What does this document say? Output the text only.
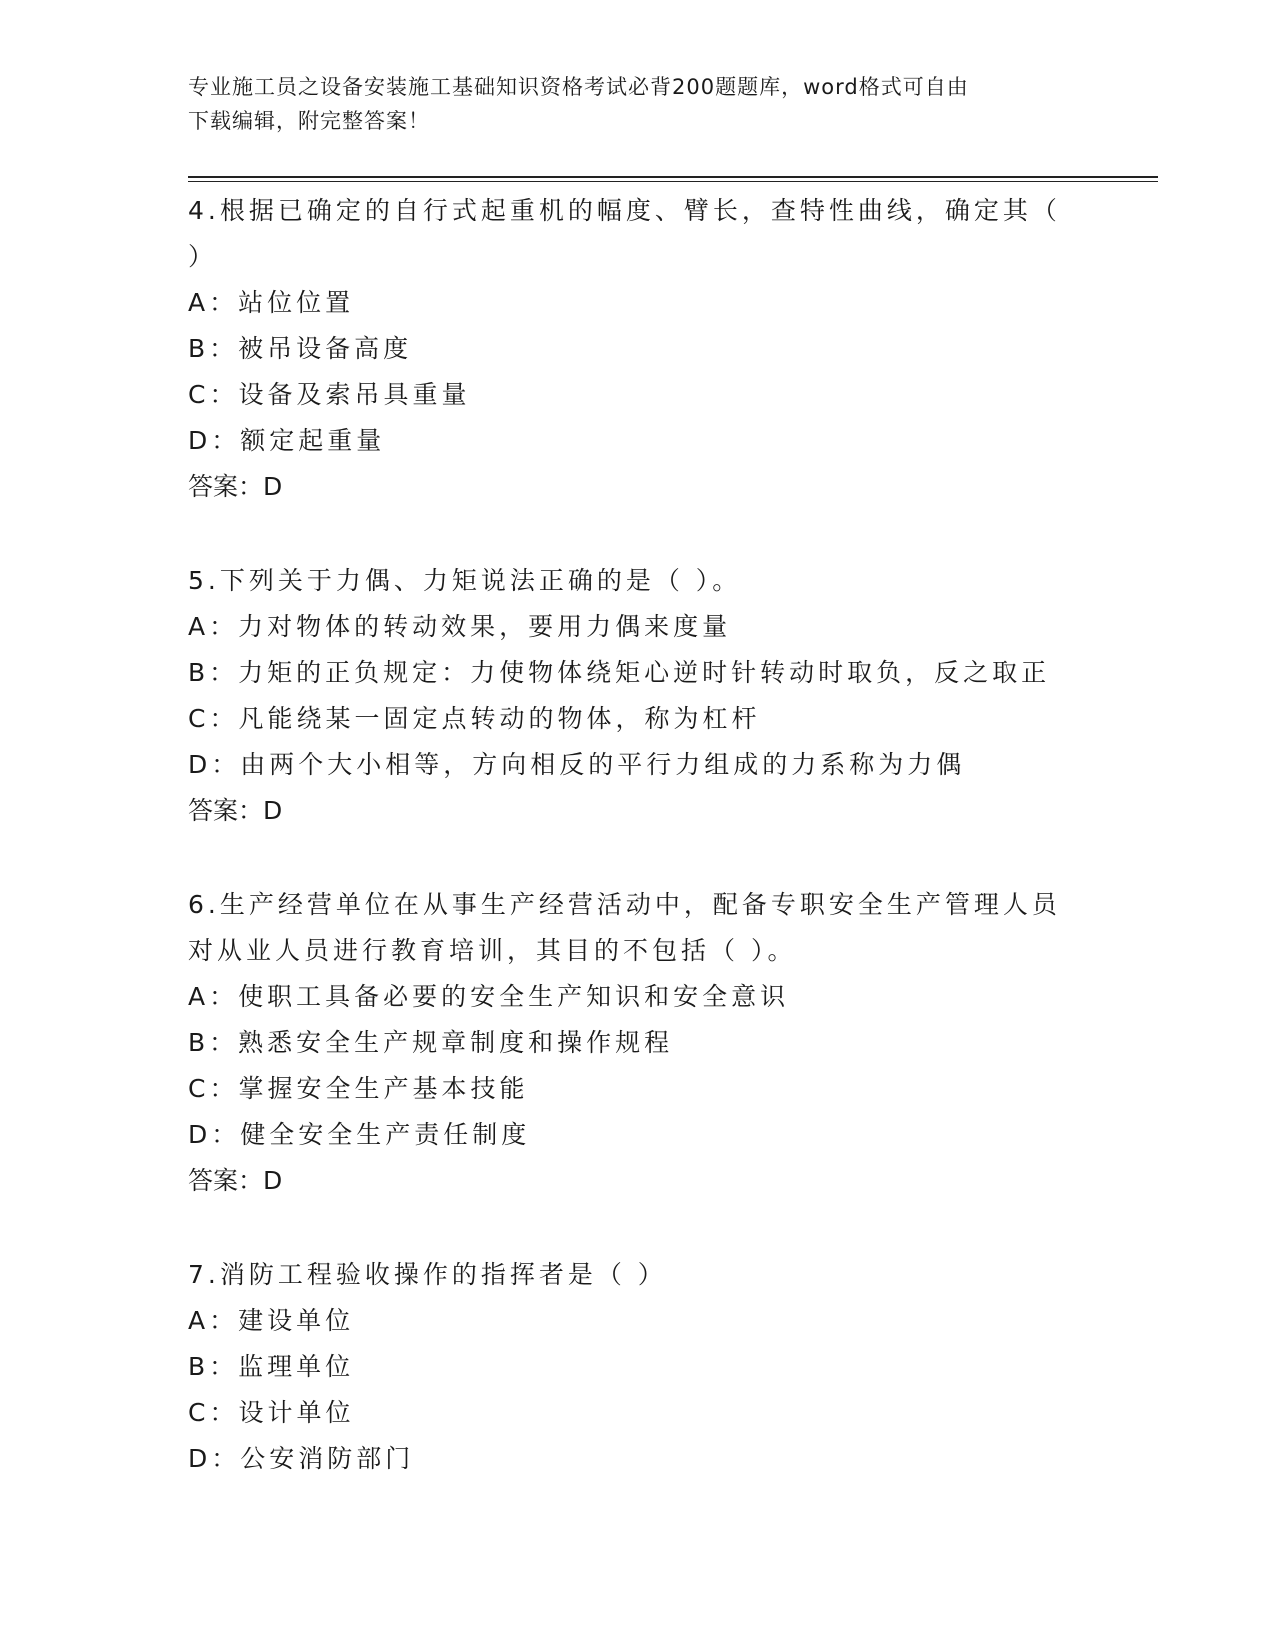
专业施工员之设备安装施工基础知识资格考试必背200题题库，word格式可自由
下载编辑，附完整答案！
4.根据已确定的自行式起重机的幅度、臂长，查特性曲线，确定其（
）
A：站位位置
B：被吊设备高度
C：设备及索吊具重量
D：额定起重量
答案：D
5.下列关于力偶、力矩说法正确的是（ ）。
A：力对物体的转动效果，要用力偶来度量
B：力矩的正负规定：力使物体绕矩心逆时针转动时取负，反之取正
C：凡能绕某一固定点转动的物体，称为杠杆
D：由两个大小相等，方向相反的平行力组成的力系称为力偶
答案：D
6.生产经营单位在从事生产经营活动中，配备专职安全生产管理人员
对从业人员进行教育培训，其目的不包括（ ）。
A：使职工具备必要的安全生产知识和安全意识
B：熟悉安全生产规章制度和操作规程
C：掌握安全生产基本技能
D：健全安全生产责任制度
答案：D
7.消防工程验收操作的指挥者是（ ）
A：建设单位
B：监理单位
C：设计单位
D：公安消防部门
